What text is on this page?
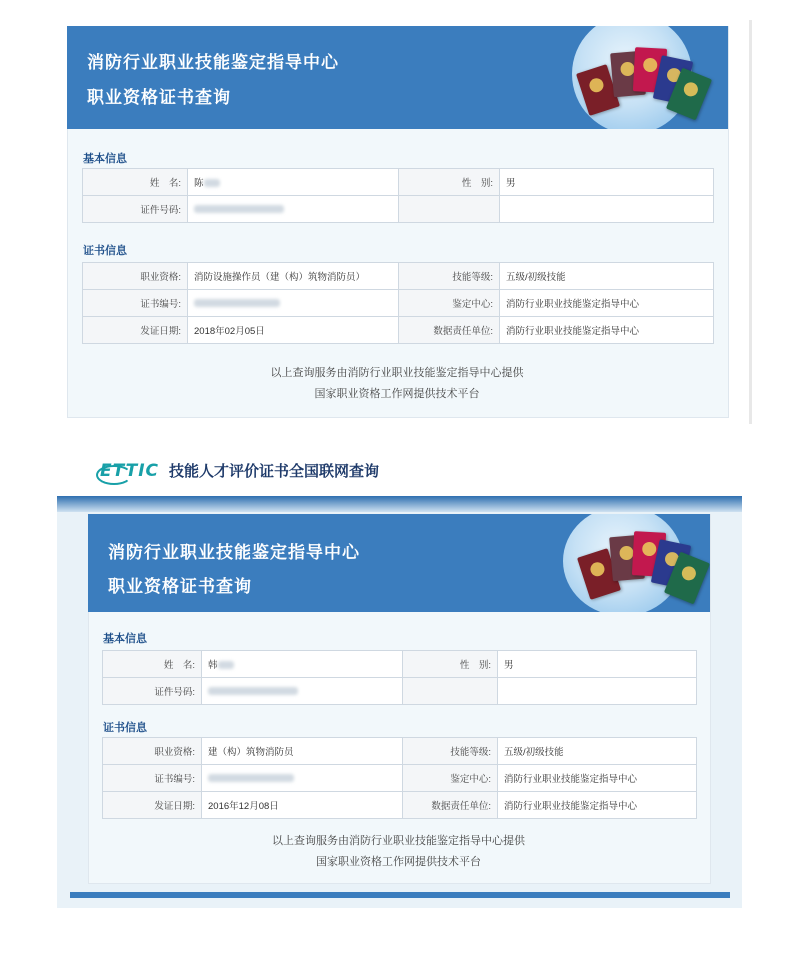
消防行业职业技能鉴定指导中心
职业资格证书查询
基本信息
姓　名:	陈	性　别:	男
证件号码:			
证书信息
职业资格:	消防设施操作员（建（构）筑物消防员）	技能等级:	五级/初级技能
证书编号:		鉴定中心:	消防行业职业技能鉴定指导中心
发证日期:	2018年02月05日	数据责任单位:	消防行业职业技能鉴定指导中心
以上查询服务由消防行业职业技能鉴定指导中心提供
国家职业资格工作网提供技术平台
ETTIC 技能人才评价证书全国联网查询
消防行业职业技能鉴定指导中心
职业资格证书查询
基本信息
姓　名:	韩	性　别:	男
证件号码:			
证书信息
职业资格:	建（构）筑物消防员	技能等级:	五级/初级技能
证书编号:		鉴定中心:	消防行业职业技能鉴定指导中心
发证日期:	2016年12月08日	数据责任单位:	消防行业职业技能鉴定指导中心
以上查询服务由消防行业职业技能鉴定指导中心提供
国家职业资格工作网提供技术平台
